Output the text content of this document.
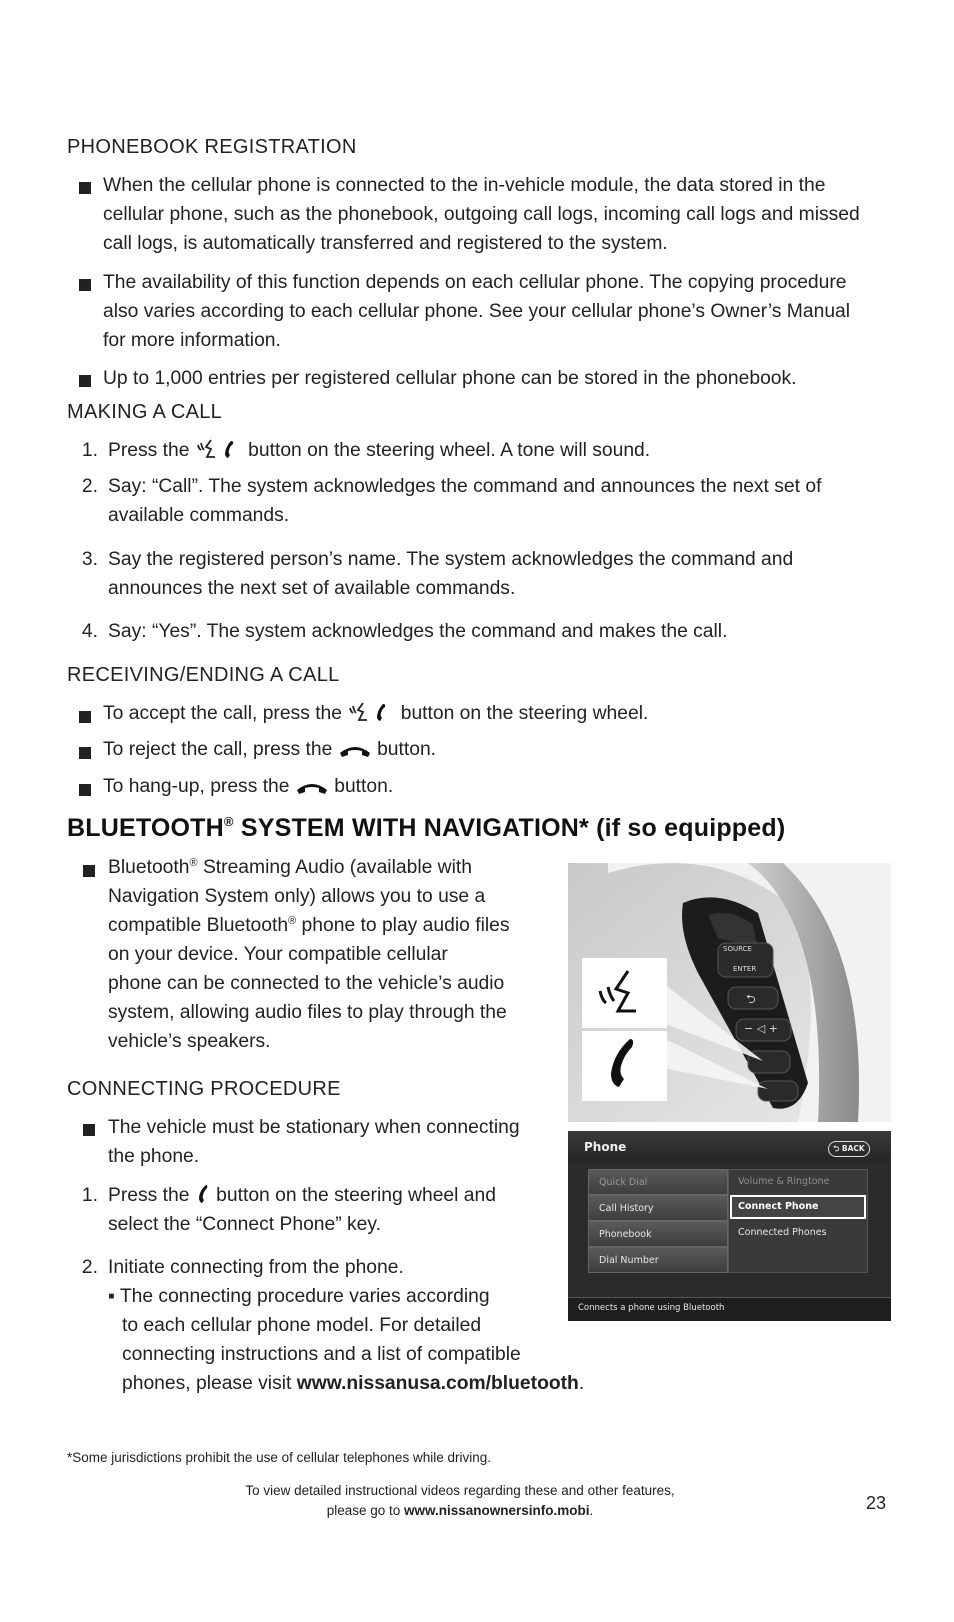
PHONEBOOK REGISTRATION
When the cellular phone is connected to the in-vehicle module, the data stored in the
cellular phone, such as the phonebook, outgoing call logs, incoming call logs and missed
call logs, is automatically transferred and registered to the system.
The availability of this function depends on each cellular phone. The copying procedure
also varies according to each cellular phone. See your cellular phone’s Owner’s Manual
for more information.
Up to 1,000 entries per registered cellular phone can be stored in the phonebook.
MAKING A CALL
1. Press the	button on the steering wheel. A tone will sound.
2. Say: “Call”. The system acknowledges the command and announces the next set of
available commands.
3. Say the registered person’s name. The system acknowledges the command and
announces the next set of available commands.
4. Say: “Yes”. The system acknowledges the command and makes the call.
RECEIVING/ENDING A CALL
To accept the call, press the	button on the steering wheel.
To reject the call, press the button.
To hang-up, press the button.
BLUETOOTH® SYSTEM WITH NAVIGATION* (if so equipped)
Bluetooth® Streaming Audio (available with
Navigation System only) allows you to use a
compatible Bluetooth® phone to play audio files
on your device. Your compatible cellular
phone can be connected to the vehicle’s audio
system, allowing audio files to play through the
vehicle’s speakers.
CONNECTING PROCEDURE
The vehicle must be stationary when connecting
the phone.
1. Press the button on the steering wheel and
select the “Connect Phone” key.
2. Initiate connecting from the phone.
▪ The connecting procedure varies according
to each cellular phone model. For detailed
connecting instructions and a list of compatible
phones, please visit www.nissanusa.com/bluetooth.
SOURCE
ENTER
⮌
− ◁ +
Phone	⮌ BACK
Quick Dial
Call History
Phonebook
Dial Number
Volume & Ringtone
Connect Phone
Connected Phones
Connects a phone using Bluetooth
*Some jurisdictions prohibit the use of cellular telephones while driving.
To view detailed instructional videos regarding these and other features,
please go to www.nissanownersinfo.mobi.	23
